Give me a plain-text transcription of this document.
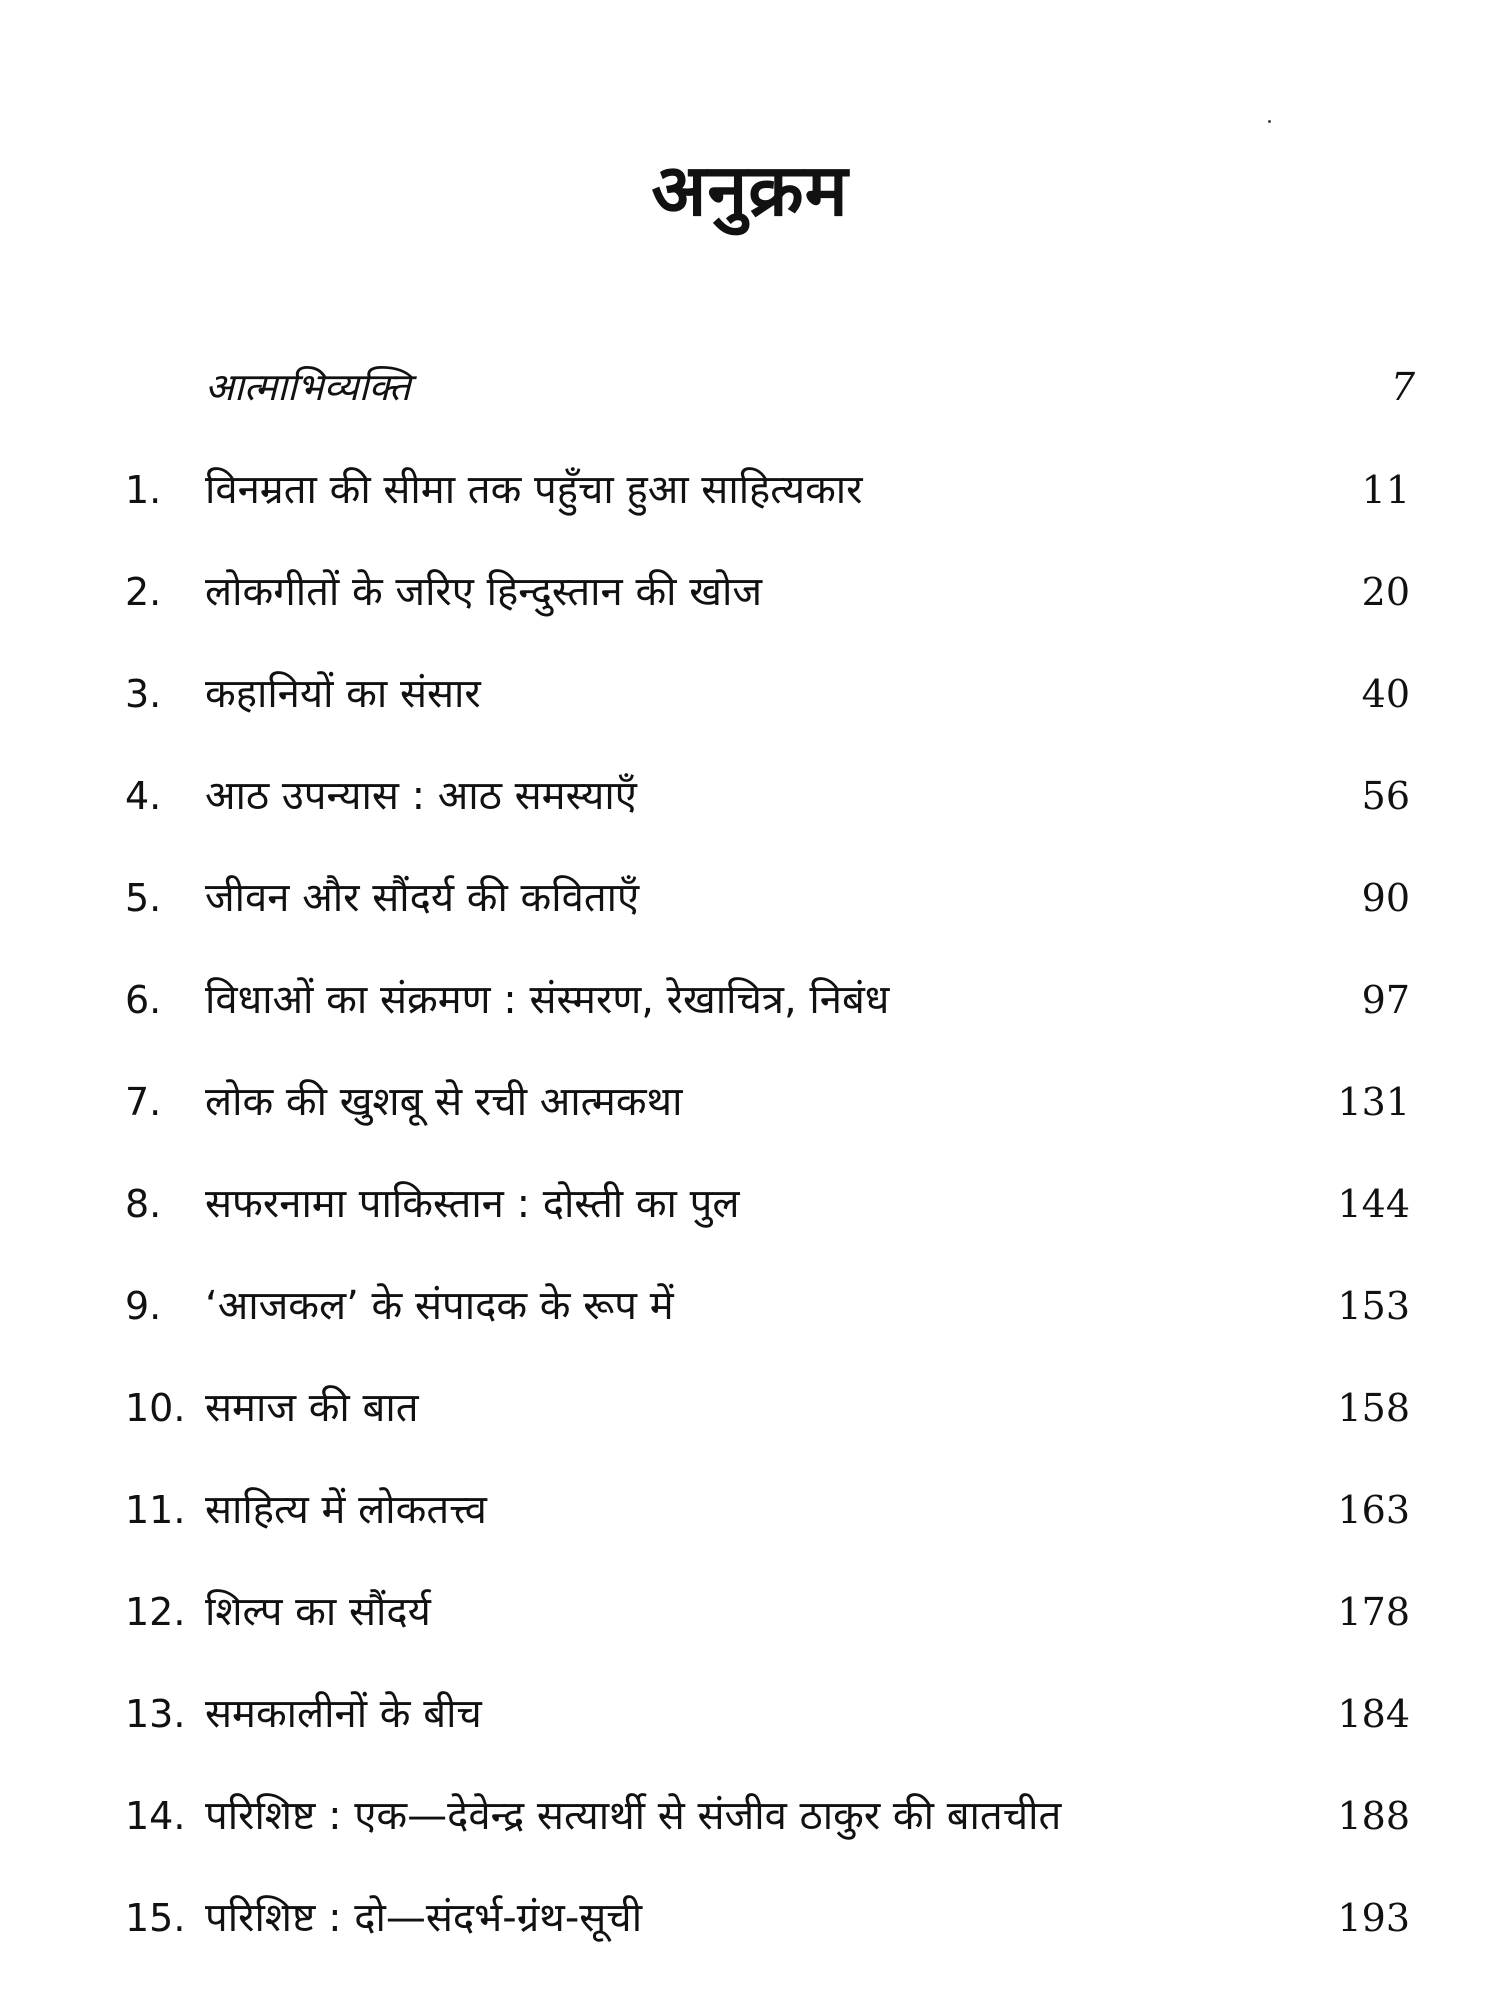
अनुक्रम
आत्माभिव्यक्ति	7
1. विनम्रता की सीमा तक पहुँचा हुआ साहित्यकार	11
2. लोकगीतों के जरिए हिन्दुस्तान की खोज	20
3. कहानियों का संसार	40
4. आठ उपन्यास : आठ समस्याएँ	56
5. जीवन और सौंदर्य की कविताएँ	90
6. विधाओं का संक्रमण : संस्मरण, रेखाचित्र, निबंध	97
7. लोक की खुशबू से रची आत्मकथा	131
8. सफरनामा पाकिस्तान : दोस्ती का पुल	144
9. ‘आजकल’ के संपादक के रूप में	153
10. समाज की बात	158
11. साहित्य में लोकतत्त्व	163
12. शिल्प का सौंदर्य	178
13. समकालीनों के बीच	184
14. परिशिष्ट : एक—देवेन्द्र सत्यार्थी से संजीव ठाकुर की बातचीत	188
15. परिशिष्ट : दो—संदर्भ-ग्रंथ-सूची	193
